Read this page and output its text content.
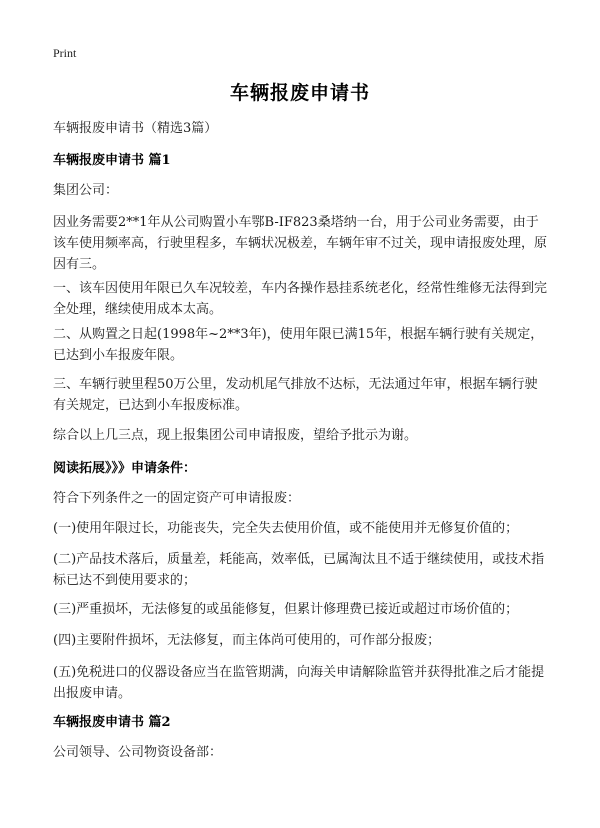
Print
车辆报废申请书
车辆报废申请书（精选3篇）
车辆报废申请书 篇1
集团公司：
因业务需要2**1年从公司购置小车鄂B-IF823桑塔纳一台，用于公司业务需要，由于该车使用频率高，行驶里程多，车辆状况极差，车辆年审不过关，现申请报废处理，原因有三。
一、该车因使用年限已久车况较差，车内各操作悬挂系统老化，经常性维修无法得到完全处理，继续使用成本太高。
二、从购置之日起(1998年~2**3年)，使用年限已满15年，根据车辆行驶有关规定，已达到小车报废年限。
三、车辆行驶里程50万公里，发动机尾气排放不达标，无法通过年审，根据车辆行驶有关规定，已达到小车报废标准。
综合以上几三点，现上报集团公司申请报废，望给予批示为谢。
阅读拓展》》》申请条件：
符合下列条件之一的固定资产可申请报废：
(一)使用年限过长，功能丧失，完全失去使用价值，或不能使用并无修复价值的；
(二)产品技术落后，质量差，耗能高，效率低，已属淘汰且不适于继续使用，或技术指标已达不到使用要求的；
(三)严重损坏，无法修复的或虽能修复，但累计修理费已接近或超过市场价值的；
(四)主要附件损坏，无法修复，而主体尚可使用的，可作部分报废；
(五)免税进口的仪器设备应当在监管期满，向海关申请解除监管并获得批准之后才能提出报废申请。
车辆报废申请书 篇2
公司领导、公司物资设备部：
